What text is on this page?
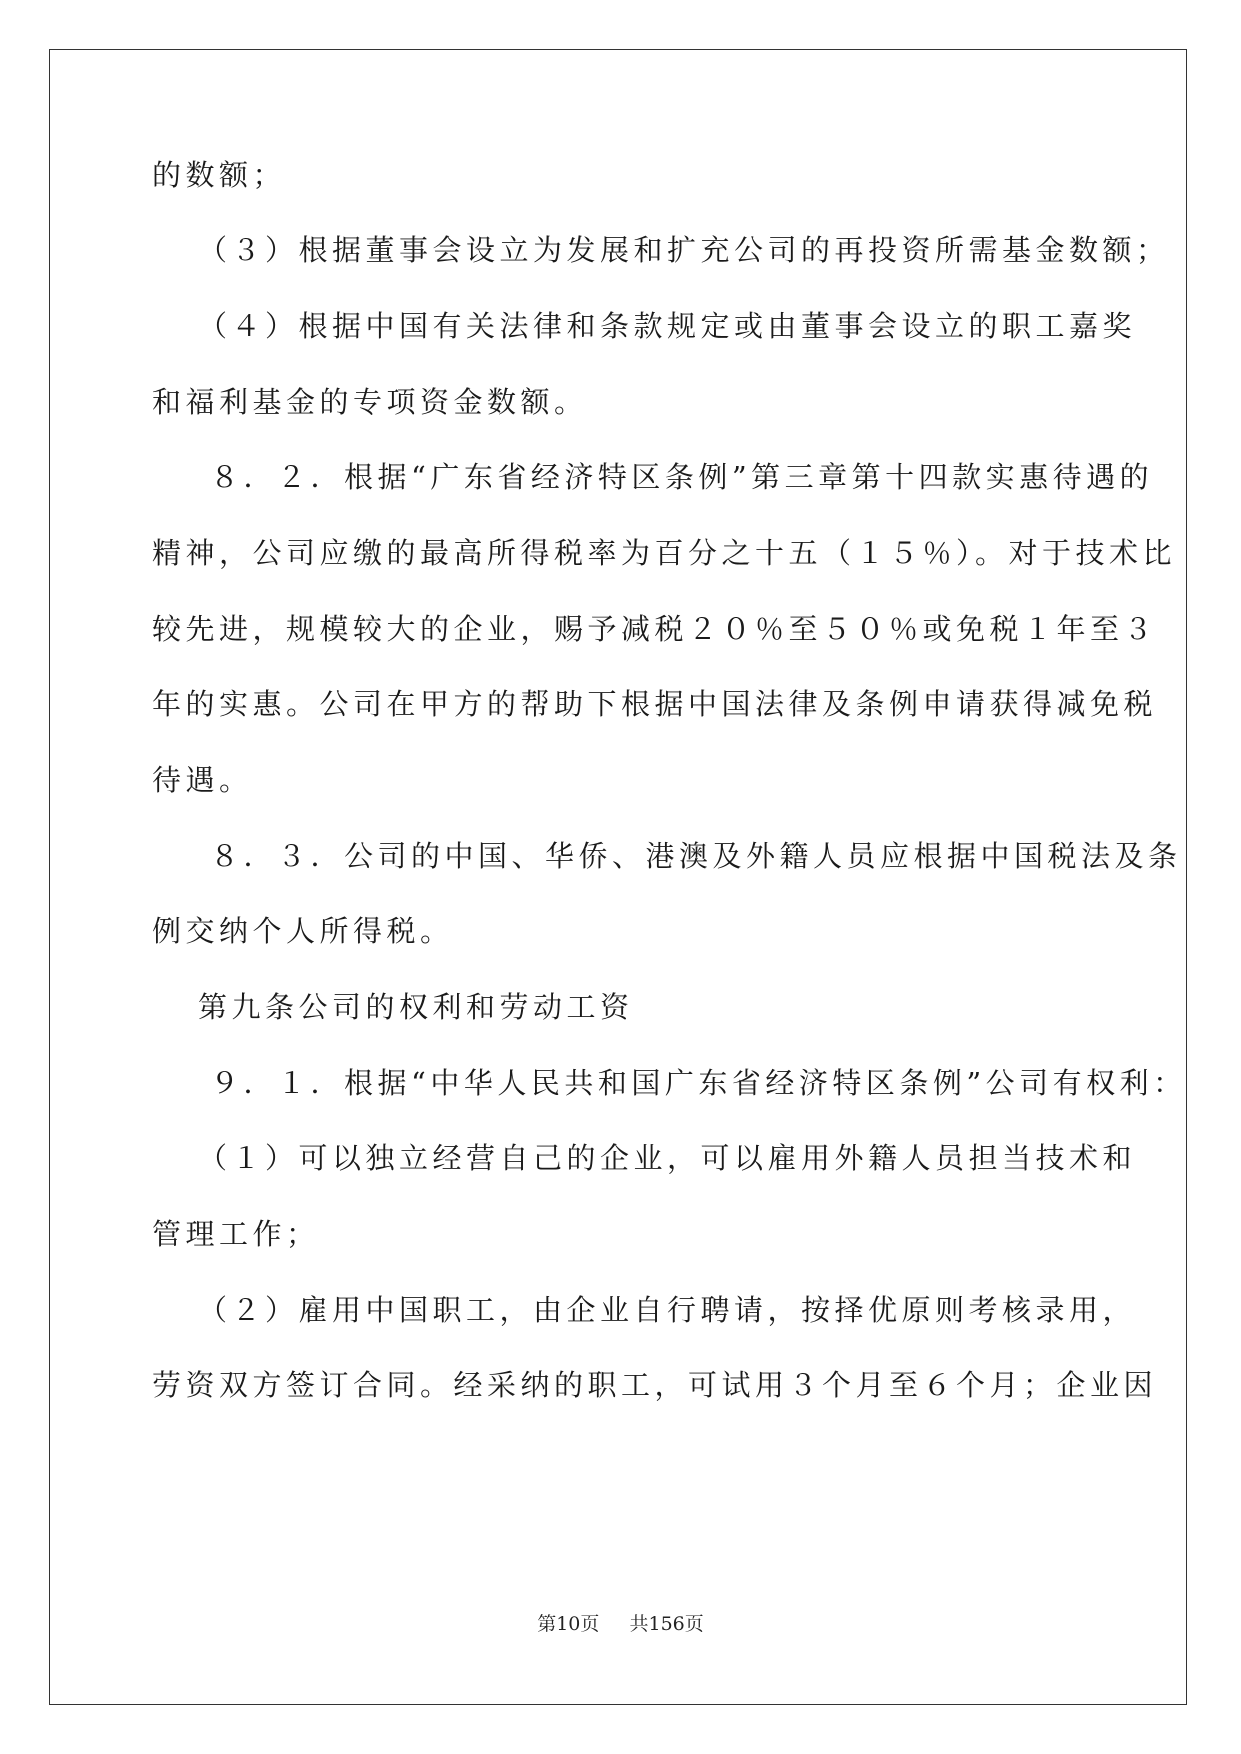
的数额；
（３）根据董事会设立为发展和扩充公司的再投资所需基金数额；
（４）根据中国有关法律和条款规定或由董事会设立的职工嘉奖
和福利基金的专项资金数额。
８．２．根据“广东省经济特区条例”第三章第十四款实惠待遇的
精神，公司应缴的最高所得税率为百分之十五（１５％）。对于技术比
较先进，规模较大的企业，赐予减税２０％至５０％或免税１年至３
年的实惠。公司在甲方的帮助下根据中国法律及条例申请获得减免税
待遇。
８．３．公司的中国、华侨、港澳及外籍人员应根据中国税法及条
例交纳个人所得税。
第九条公司的权利和劳动工资
９．１．根据“中华人民共和国广东省经济特区条例”公司有权利：
（１）可以独立经营自己的企业，可以雇用外籍人员担当技术和
管理工作；
（２）雇用中国职工，由企业自行聘请，按择优原则考核录用，
劳资双方签订合同。经采纳的职工，可试用３个月至６个月；企业因
第10页 共156页
